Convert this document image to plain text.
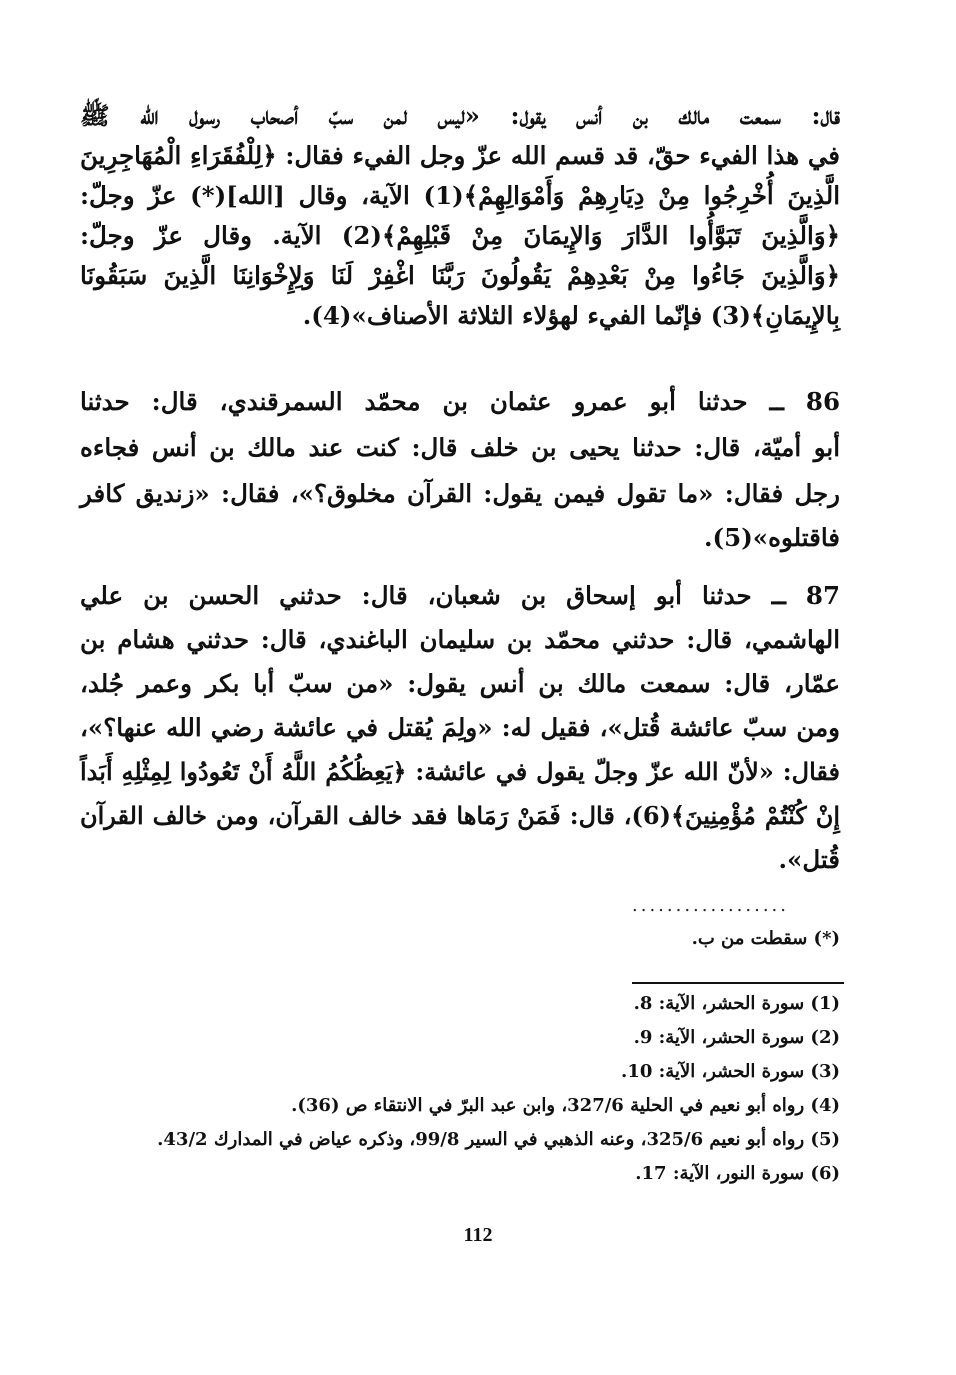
قال: سمعت مالك بن أنس يقول: «ليس لمن سبّ أصحاب رسول الله ﷺ
في هذا الفيء حقّ، قد قسم الله عزّ وجل الفيء فقال: ﴿لِلْفُقَرَاءِ الْمُهَاجِرِينَ
الَّذِينَ أُخْرِجُوا مِنْ دِيَارِهِمْ وَأَمْوَالِهِمْ﴾(1) الآية، وقال [الله](*) عزّ وجلّ:
﴿وَالَّذِينَ تَبَوَّأُوا الدَّارَ وَالإِيمَانَ مِنْ قَبْلِهِمْ﴾(2) الآية. وقال عزّ وجلّ:
﴿وَالَّذِينَ جَاءُوا مِنْ بَعْدِهِمْ يَقُولُونَ رَبَّنَا اغْفِرْ لَنَا وَلِإِخْوَانِنَا الَّذِينَ سَبَقُونَا
بِالإِيمَانِ﴾(3) فإنّما الفيء لهؤلاء الثلاثة الأصناف»(4).
86 ــ حدثنا أبو عمرو عثمان بن محمّد السمرقندي، قال: حدثنا
أبو أميّة، قال: حدثنا يحيى بن خلف قال: كنت عند مالك بن أنس فجاءه
رجل فقال: «ما تقول فيمن يقول: القرآن مخلوق؟»، فقال: «زنديق كافر
فاقتلوه»(5).
87 ــ حدثنا أبو إسحاق بن شعبان، قال: حدثني الحسن بن علي
الهاشمي، قال: حدثني محمّد بن سليمان الباغندي، قال: حدثني هشام بن
عمّار، قال: سمعت مالك بن أنس يقول: «من سبّ أبا بكر وعمر جُلد،
ومن سبّ عائشة قُتل»، فقيل له: «ولِمَ يُقتل في عائشة رضي الله عنها؟»،
فقال: «لأنّ الله عزّ وجلّ يقول في عائشة: ﴿يَعِظُكُمُ اللَّهُ أَنْ تَعُودُوا لِمِثْلِهِ أَبَداً
إِنْ كُنْتُمْ مُؤْمِنِينَ﴾(6)، قال: فَمَنْ رَمَاها فقد خالف القرآن، ومن خالف القرآن
قُتل».
..................
(*) سقطت من ب.
(1) سورة الحشر، الآية: 8.
(2) سورة الحشر، الآية: 9.
(3) سورة الحشر، الآية: 10.
(4) رواه أبو نعيم في الحلية 327/6، وابن عبد البرّ في الانتقاء ص (36).
(5) رواه أبو نعيم 325/6، وعنه الذهبي في السير 99/8، وذكره عياض في المدارك 43/2.
(6) سورة النور، الآية: 17.
112
